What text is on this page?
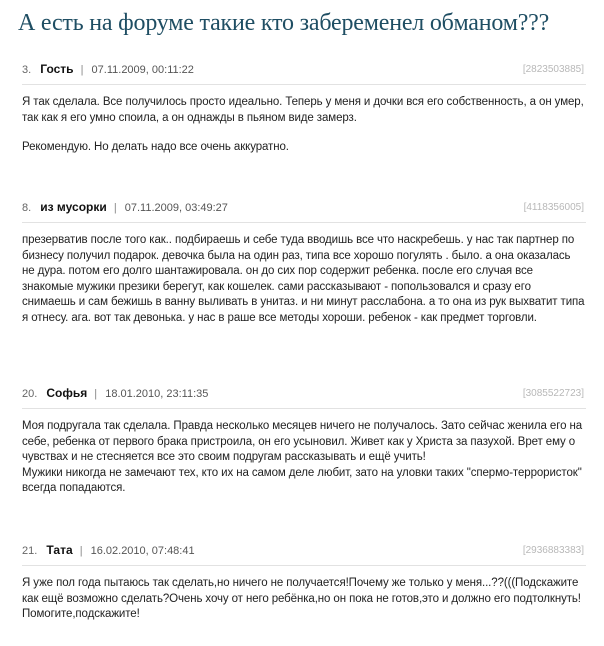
А есть на форуме такие кто забеременел обманом???
3. Гость | 07.11.2009, 00:11:22	[2823503885]

Я так сделала. Все получилось просто идеально. Теперь у меня и дочки вся его собственность, а он умер, так как я его умно споила, а он однажды в пьяном виде замерз.

Рекомендую. Но делать надо все очень аккуратно.

8. из мусорки | 07.11.2009, 03:49:27	[4118356005]

презерватив после того как.. подбираешь и себе туда вводишь все что наскребешь. у нас так партнер по бизнесу получил подарок. девочка была на один раз, типа все хорошо погулять . было. а она оказалась не дура. потом его долго шантажировала. он до сих пор содержит ребенка. после его случая все знакомые мужики презики берегут, как кошелек. сами рассказывают - попользовался и сразу его снимаешь и сам бежишь в ванну выливать в унитаз. и ни минут расслабона. а то она из рук выхватит типа я отнесу. ага. вот так девонька. у нас в раше все методы хороши. ребенок - как предмет торговли.

20. Софья | 18.01.2010, 23:11:35	[3085522723]

Моя подругала так сделала. Правда несколько месяцев ничего не получалось. Зато сейчас женила его на себе, ребенка от первого брака пристроила, он его усыновил. Живет как у Христа за пазухой. Врет ему о чувствах и не стесняется все это своим подругам рассказывать и ещё учить!

Мужики никогда не замечают тех, кто их на самом деле любит, зато на уловки таких "спермо-террористок" всегда попадаются.

21. Тата | 16.02.2010, 07:48:41	[2936883383]

Я уже пол года пытаюсь так сделать,но ничего не получается!Почему же только у меня...??(((Подскажите как ещё возможно сделать?Очень хочу от него ребёнка,но он пока не готов,это и должно его подтолкнуть!Помогите,подскажите!
